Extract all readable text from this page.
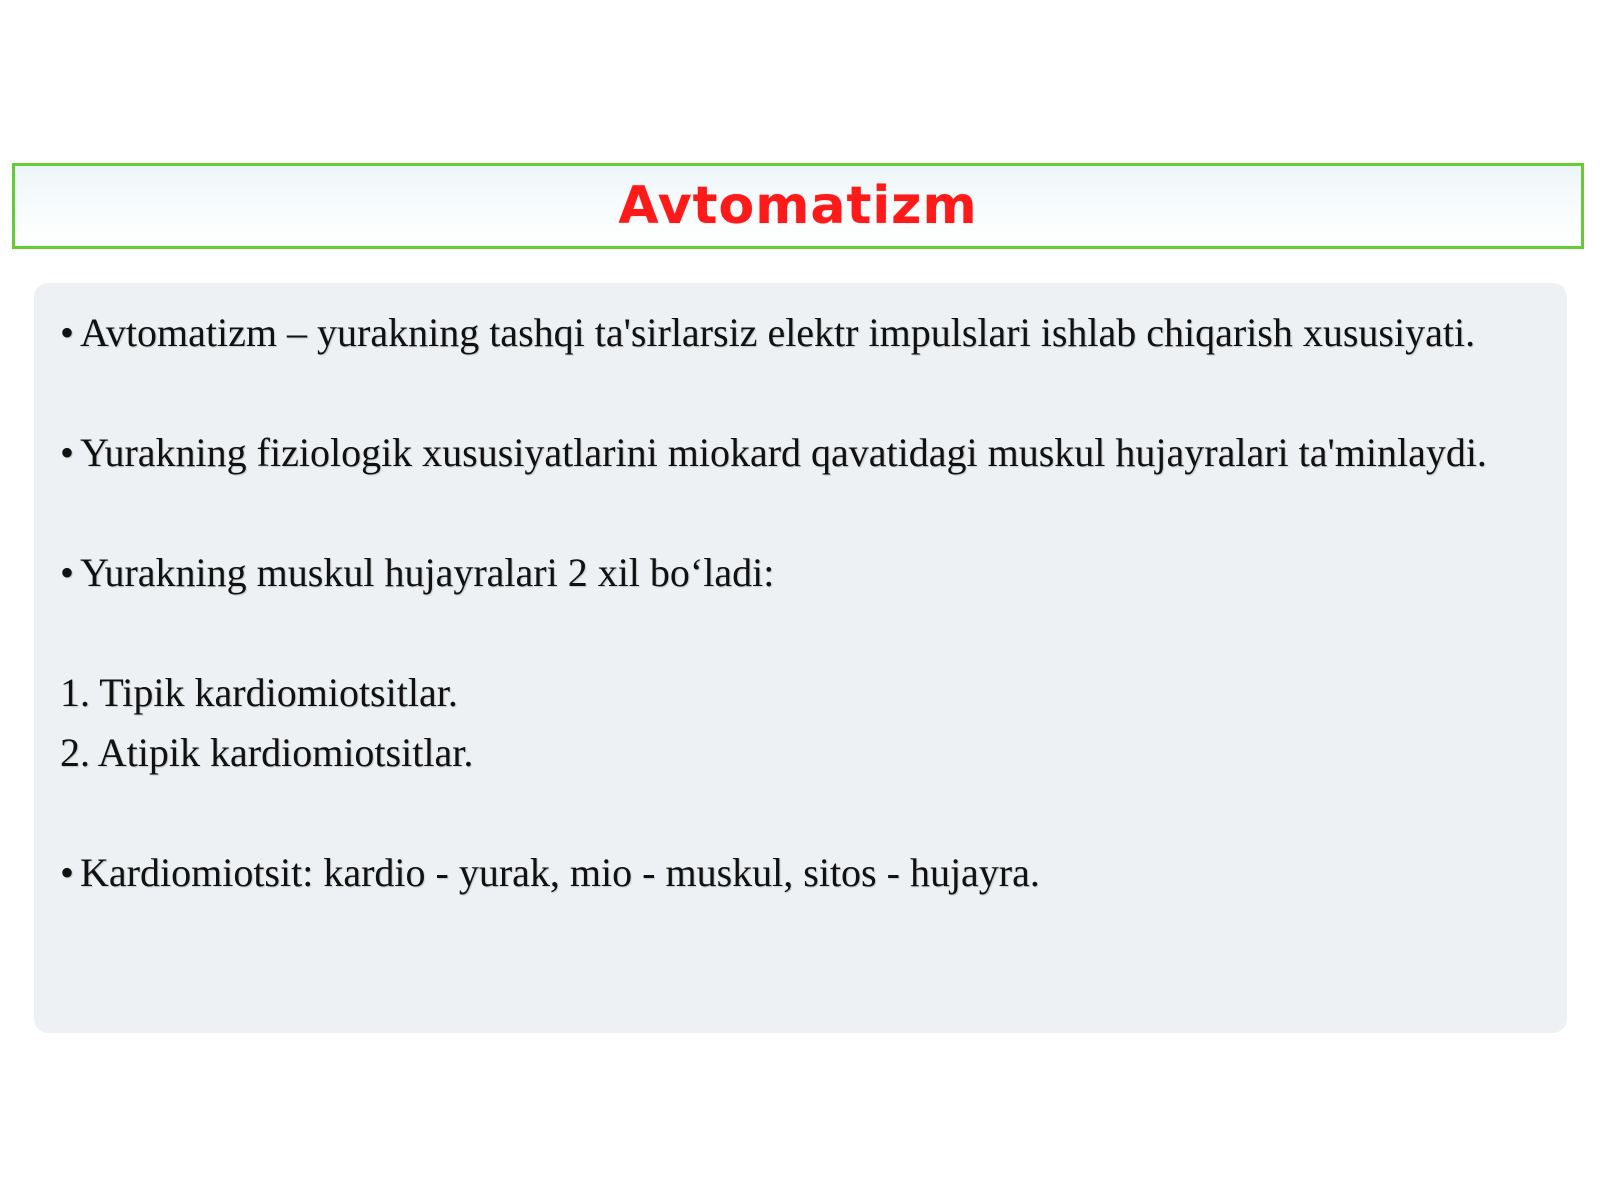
Avtomatizm

• Avtomatizm – yurakning tashqi ta'sirlarsiz elektr impulslari ishlab chiqarish xususiyati.

• Yurakning fiziologik xususiyatlarini miokard qavatidagi muskul hujayralari ta'minlaydi.

• Yurakning muskul hujayralari 2 xil bo‘ladi:

1. Tipik kardiomiotsitlar.

2. Atipik kardiomiotsitlar.

• Kardiomiotsit: kardio - yurak, mio - muskul, sitos - hujayra.
